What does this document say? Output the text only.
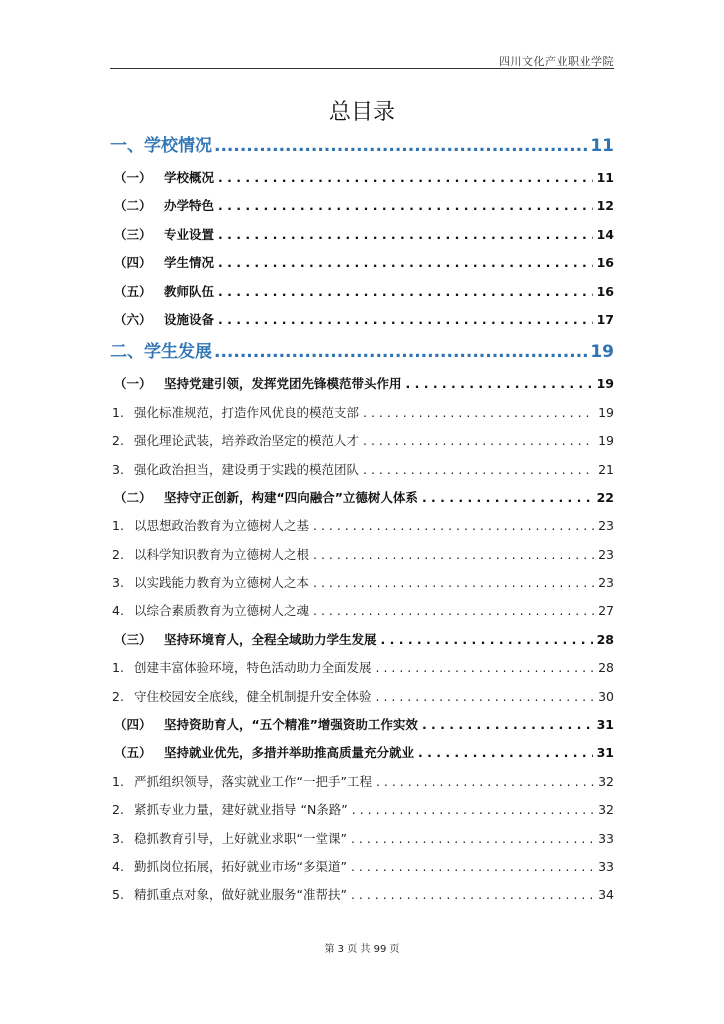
四川文化产业职业学院
总目录
一、学校情况 .....	11
（一） 学校概况 . . .	11
（二） 办学特色 . . .	12
（三） 专业设置 . . .	14
（四） 学生情况 . . .	16
（五） 教师队伍 . . .	16
（六） 设施设备 . . .	17
二、学生发展 .....	19
（一） 坚持党建引领，发挥党团先锋模范带头作用 . . .	19
1. 强化标准规范，打造作风优良的模范支部 . . .	19
2. 强化理论武装，培养政治坚定的模范人才 . . .	19
3. 强化政治担当，建设勇于实践的模范团队 . . .	21
（二） 坚持守正创新，构建“四向融合”立德树人体系 . . .	22
1. 以思想政治教育为立德树人之基 . . .	23
2. 以科学知识教育为立德树人之根 . . .	23
3. 以实践能力教育为立德树人之本 . . .	23
4. 以综合素质教育为立德树人之魂 . . .	27
（三） 坚持环境育人，全程全域助力学生发展 . . .	28
1. 创建丰富体验环境，特色活动助力全面发展 . . .	28
2. 守住校园安全底线，健全机制提升安全体验 . . .	30
（四） 坚持资助育人，“五个精准”增强资助工作实效 . . .	31
（五） 坚持就业优先，多措并举助推高质量充分就业 . . .	31
1. 严抓组织领导，落实就业工作“一把手”工程 . . .	32
2. 紧抓专业力量，建好就业指导 “N条路” . . .	32
3. 稳抓教育引导，上好就业求职“一堂课” . . .	33
4. 勤抓岗位拓展，拓好就业市场“多渠道” . . .	33
5. 精抓重点对象，做好就业服务“准帮扶” . . .	34
第 3 页 共 99 页
